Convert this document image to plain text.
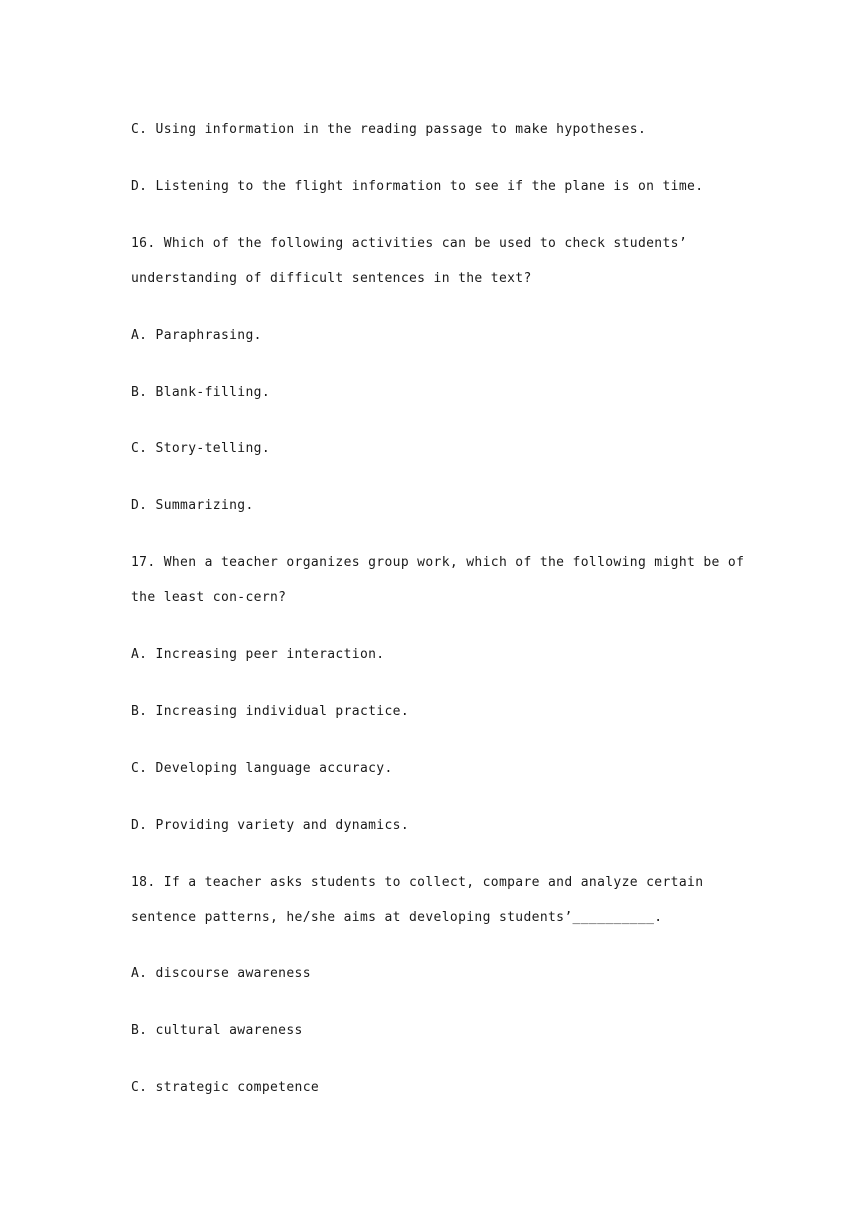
C. Using information in the reading passage to make hypotheses.
D. Listening to the flight information to see if the plane is on time.
16. Which of the following activities can be used to check students’
understanding of difficult sentences in the text?
A. Paraphrasing.
B. Blank-filling.
C. Story-telling.
D. Summarizing.
17. When a teacher organizes group work, which of the following might be of
the least con-cern?
A. Increasing peer interaction.
B. Increasing individual practice.
C. Developing language accuracy.
D. Providing variety and dynamics.
18. If a teacher asks students to collect, compare and analyze certain
sentence patterns, he/she aims at developing students’__________.
A. discourse awareness
B. cultural awareness
C. strategic competence
